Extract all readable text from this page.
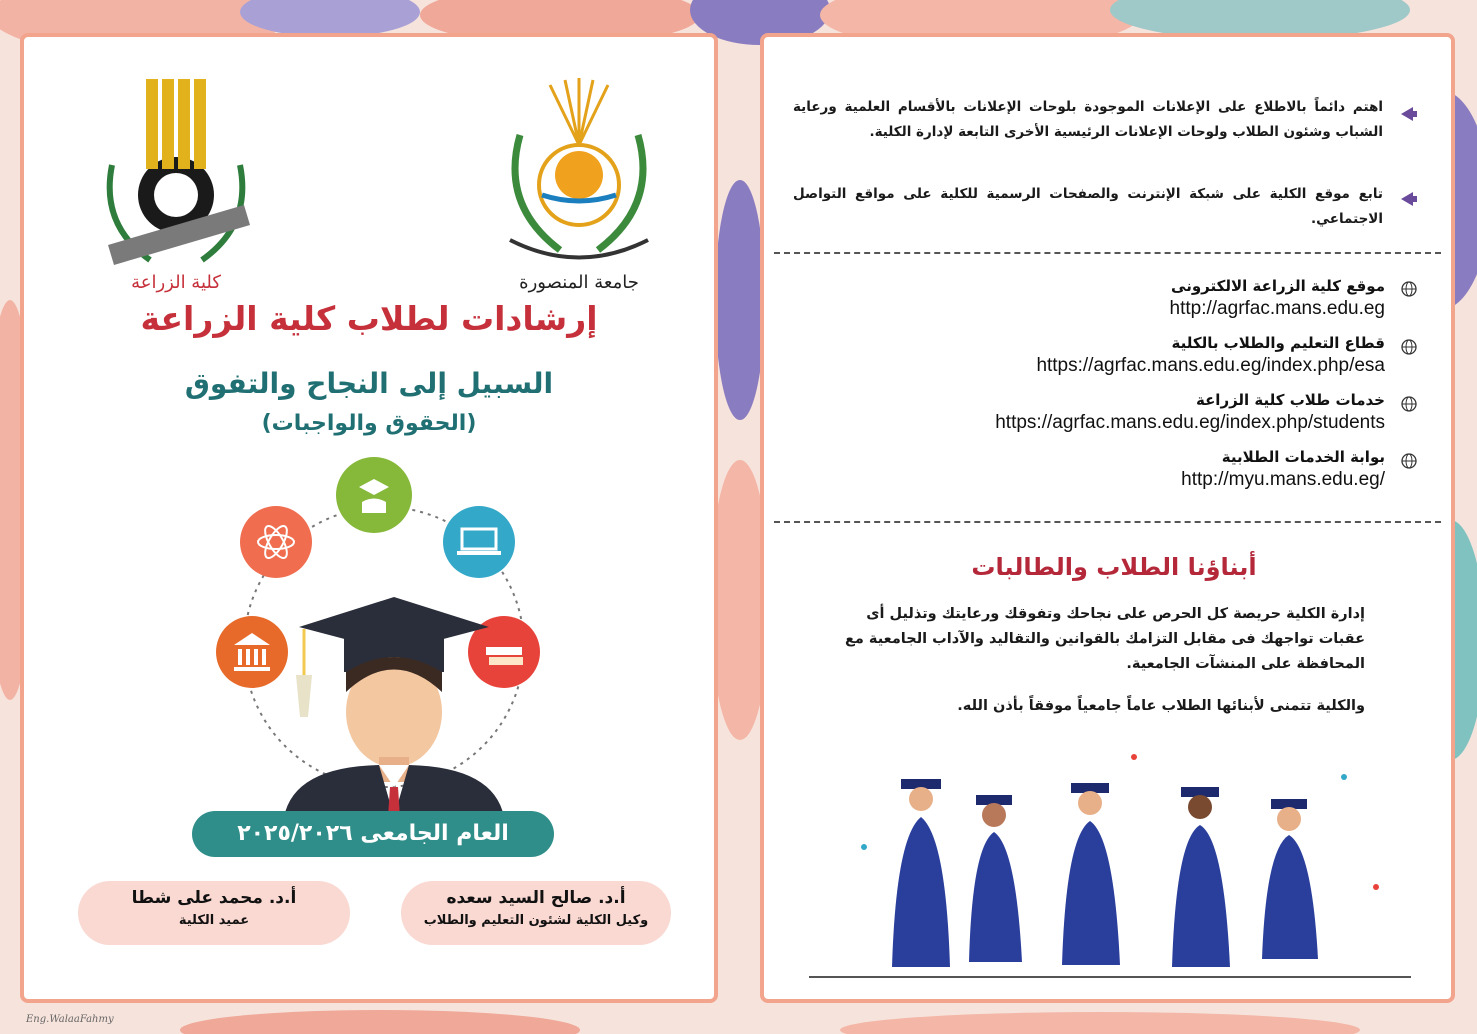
كلية الزراعة	جامعة المنصورة
إرشادات لطلاب كلية الزراعة
السبيل إلى النجاح والتفوق
(الحقوق والواجبات)
العام الجامعى ٢٠٢٥/٢٠٢٦
أ.د. صالح السيد سعده
وكيل الكلية لشئون التعليم والطلاب
أ.د. محمد على شطا
عميد الكلية
اهتم دائماً بالاطلاع على الإعلانات الموجودة بلوحات الإعلانات بالأقسام العلمية ورعاية الشباب وشئون الطلاب ولوحات الإعلانات الرئيسية الأخرى التابعة لإدارة الكلية.
تابع موقع الكلية على شبكة الإنترنت والصفحات الرسمية للكلية على مواقع التواصل الاجتماعي.
موقع كلية الزراعة الالكترونى
http://agrfac.mans.edu.eg
قطاع التعليم والطلاب بالكلية
https://agrfac.mans.edu.eg/index.php/esa
خدمات طلاب كلية الزراعة
https://agrfac.mans.edu.eg/index.php/students
بوابة الخدمات الطلابية
http://myu.mans.edu.eg/
أبناؤنا الطلاب والطالبات
إدارة الكلية حريصة كل الحرص على نجاحك وتفوقك ورعايتك وتذليل أى عقبات تواجهك فى مقابل التزامك بالقوانين والتقاليد والآداب الجامعية مع المحافظة على المنشآت الجامعية.
والكلية تتمنى لأبنائها الطلاب عاماً جامعياً موفقاً بأذن الله.
Eng.WalaaFahmy
